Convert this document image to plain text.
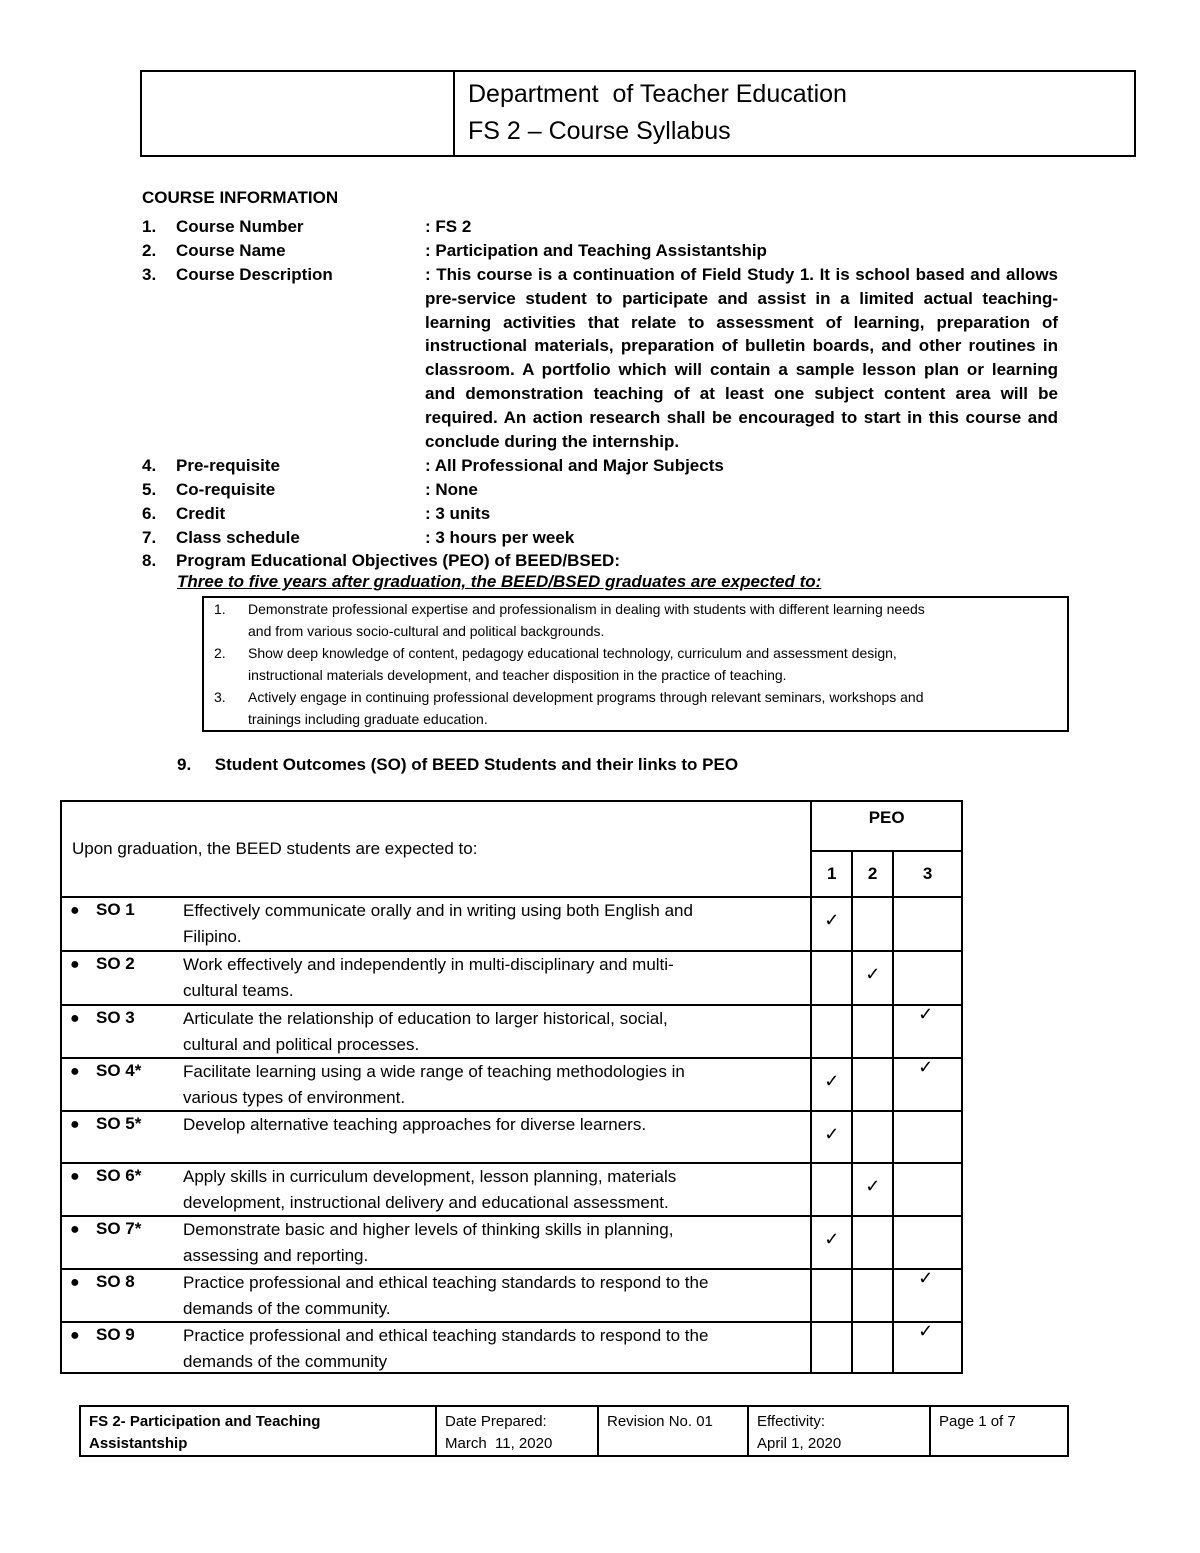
Department  of Teacher Education
FS 2 – Course Syllabus
COURSE INFORMATION
1.	Course Number	: FS 2
2.	Course Name	: Participation and Teaching Assistantship
3.	Course Description	: This course is a continuation of Field Study 1. It is school based and allows
pre-service student to participate and assist in a limited actual teaching-
learning activities that relate to assessment of learning, preparation of
instructional materials, preparation of bulletin boards, and other routines in
classroom. A portfolio which will contain a sample lesson plan or learning
and demonstration teaching of at least one subject content area will be
required. An action research shall be encouraged to start in this course and
conclude during the internship.
4.	Pre-requisite	: All Professional and Major Subjects
5.	Co-requisite	: None
6.	Credit	: 3 units
7.	Class schedule	: 3 hours per week
8.	Program Educational Objectives (PEO) of BEED/BSED:
Three to five years after graduation, the BEED/BSED graduates are expected to:
1. Demonstrate professional expertise and professionalism in dealing with students with different learning needs
and from various socio-cultural and political backgrounds.
2. Show deep knowledge of content, pedagogy educational technology, curriculum and assessment design,
instructional materials development, and teacher disposition in the practice of teaching.
3. Actively engage in continuing professional development programs through relevant seminars, workshops and
trainings including graduate education.
9.     Student Outcomes (SO) of BEED Students and their links to PEO
Upon graduation, the BEED students are expected to:	PEO		
	1	2	3

● SO 1 Effectively communicate orally and in writing using both English and
Filipino.	✓		

● SO 2 Work effectively and independently in multi-disciplinary and multi-
cultural teams.		✓	

● SO 3 Articulate the relationship of education to larger historical, social,
cultural and political processes.			✓

● SO 4* Facilitate learning using a wide range of teaching methodologies in
various types of environment.	✓		✓

● SO 5* Develop alternative teaching approaches for diverse learners.	✓		

● SO 6* Apply skills in curriculum development, lesson planning, materials
development, instructional delivery and educational assessment.		✓	

● SO 7* Demonstrate basic and higher levels of thinking skills in planning,
assessing and reporting.	✓		

● SO 8 Practice professional and ethical teaching standards to respond to the
demands of the community.			✓

● SO 9 Practice professional and ethical teaching standards to respond to the
demands of the community			✓
FS 2- Participation and Teaching
Assistantship
Date Prepared:
March  11, 2020
Revision No. 01	Effectivity:
April 1, 2020
Page 1 of 7
